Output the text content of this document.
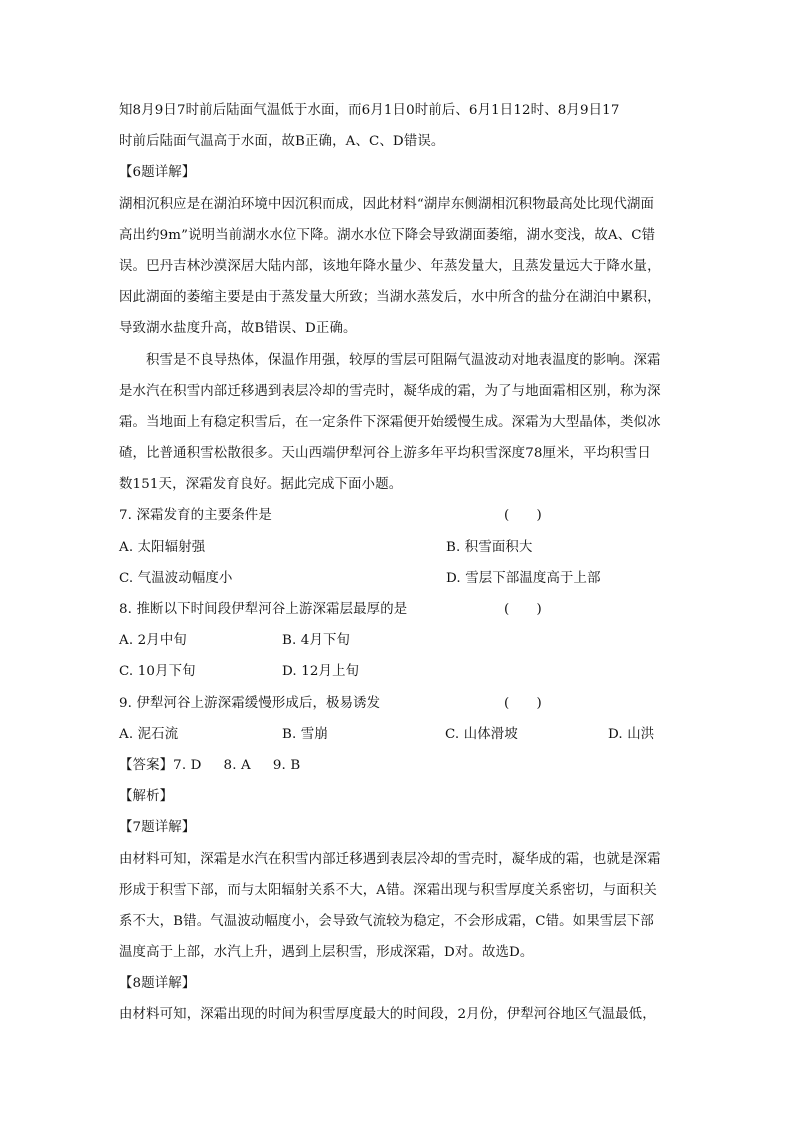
知8月9日7时前后陆面气温低于水面，而6月1日0时前后、6月1日12时、8月9日17
时前后陆面气温高于水面，故B正确，A、C、D错误。
【6题详解】
湖相沉积应是在湖泊环境中因沉积而成，因此材料“湖岸东侧湖相沉积物最高处比现代湖面
高出约9m”说明当前湖水水位下降。湖水水位下降会导致湖面萎缩，湖水变浅，故A、C错
误。巴丹吉林沙漠深居大陆内部，该地年降水量少、年蒸发量大，且蒸发量远大于降水量，
因此湖面的萎缩主要是由于蒸发量大所致；当湖水蒸发后，水中所含的盐分在湖泊中累积，
导致湖水盐度升高，故B错误、D正确。
积雪是不良导热体，保温作用强，较厚的雪层可阻隔气温波动对地表温度的影响。深霜
是水汽在积雪内部迁移遇到表层冷却的雪壳时，凝华成的霜，为了与地面霜相区别，称为深
霜。当地面上有稳定积雪后，在一定条件下深霜便开始缓慢生成。深霜为大型晶体，类似冰
碴，比普通积雪松散很多。天山西端伊犁河谷上游多年平均积雪深度78厘米，平均积雪日
数151天，深霜发育良好。据此完成下面小题。
7. 深霜发育的主要条件是	(　　)
A. 太阳辐射强	B. 积雪面积大
C. 气温波动幅度小	D. 雪层下部温度高于上部
8. 推断以下时间段伊犁河谷上游深霜层最厚的是	(　　)
A. 2月中旬	B. 4月下旬
C. 10月下旬	D. 12月上旬
9. 伊犁河谷上游深霜缓慢形成后，极易诱发	(　　)
A. 泥石流	B. 雪崩	C. 山体滑坡	D. 山洪
【答案】7. D 8. A 9. B
【解析】
【7题详解】
由材料可知，深霜是水汽在积雪内部迁移遇到表层冷却的雪壳时，凝华成的霜，也就是深霜
形成于积雪下部，而与太阳辐射关系不大，A错。深霜出现与积雪厚度关系密切，与面积关
系不大，B错。气温波动幅度小，会导致气流较为稳定，不会形成霜，C错。如果雪层下部
温度高于上部，水汽上升，遇到上层积雪，形成深霜，D对。故选D。
【8题详解】
由材料可知，深霜出现的时间为积雪厚度最大的时间段，2月份，伊犁河谷地区气温最低，
